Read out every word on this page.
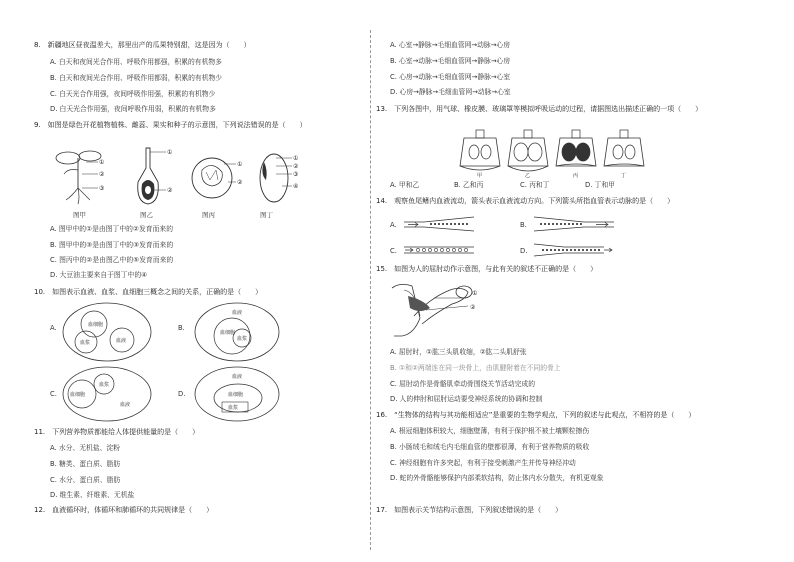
8.　新疆地区昼夜温差大，那里出产的瓜果特别甜，这是因为（　　）
A. 白天和夜间光合作用、呼吸作用都强，积累的有机物多
B. 白天和夜间光合作用、呼吸作用都弱，积累的有机物少
C. 白天光合作用强，夜间呼吸作用强，积累的有机物少
D. 白天光合作用强，夜间呼吸作用弱，积累的有机物多
9.　如图是绿色开花植物植株、雌蕊、果实和种子的示意图，下列说法错误的是（　　）
①
②
③
图甲
①
②
图乙
①
②
图丙
①
②
③
④
图丁
A. 图甲中的①是由图丁中的②发育而来的
B. 图甲中的③是由图丁中的③发育而来的
C. 图丙中的②是由图乙中的⑤发育而来的
D. 大豆油主要来自于图丁中的④
10.　如图表示血液、血浆、血细胞三概念之间的关系，正确的是（　　）
A.	血细胞
血浆	血液
B.
血液
血细胞
血浆
C.	血细胞
血浆
血液
D.
血液
血细胞
血浆
11.　下列营养物质都能给人体提供能量的是（　　）
A. 水分、无机盐、淀粉
B. 糖类、蛋白质、脂肪
C. 水分、蛋白质、脂肪
D. 维生素、纤维素、无机盐
12.　血液循环时，体循环和肺循环的共同规律是（　　）
A. 心室→静脉→毛细血管网→动脉→心房
B. 心室→动脉→毛细血管网→静脉→心房
C. 心房→动脉→毛细血管网→静脉→心室
D. 心房→静脉→毛细血管网→动脉→心室
13.　下列各图中，用气球、橡皮膜、玻璃罩等模拟呼吸运动的过程，请据图选出描述正确的一项（　　）
甲	乙	丙	丁
A. 甲和乙	B. 乙和丙	C. 丙和丁	D. 丁和甲
14.　观察鱼尾鳍内血液流动，箭头表示血液流动方向。下列箭头所指血管表示动脉的是（　　）
A.	B.
C.	D.
15.　如图为人的屈肘动作示意图，与此有关的叙述不正确的是（　　）
①
②
A. 屈肘时，①肱三头肌收缩，②肱二头肌舒张
B. ①和②两端连在同一块骨上，由肌腱附着在不同的骨上
C. 屈肘动作是骨骼肌牵动骨围绕关节活动完成的
D. 人的伸肘和屈肘运动要受神经系统的协调和控制
16.　“生物体的结构与其功能相适应”是重要的生物学观点，下列的叙述与此观点，不相符的是（　　）
A. 根冠细胞体积较大，细胞壁薄，有利于保护根不被土壤颗粒擦伤
B. 小肠绒毛和绒毛内毛细血管的壁都很薄，有利于营养物质的吸收
C. 神经细胞有许多突起，有利于接受刺激产生并传导神经冲动
D. 蛇的外骨骼能够保护内部柔软结构，防止体内水分散失，有机更观象
17.　如图表示关节结构示意图，下列叙述错误的是（　　）
